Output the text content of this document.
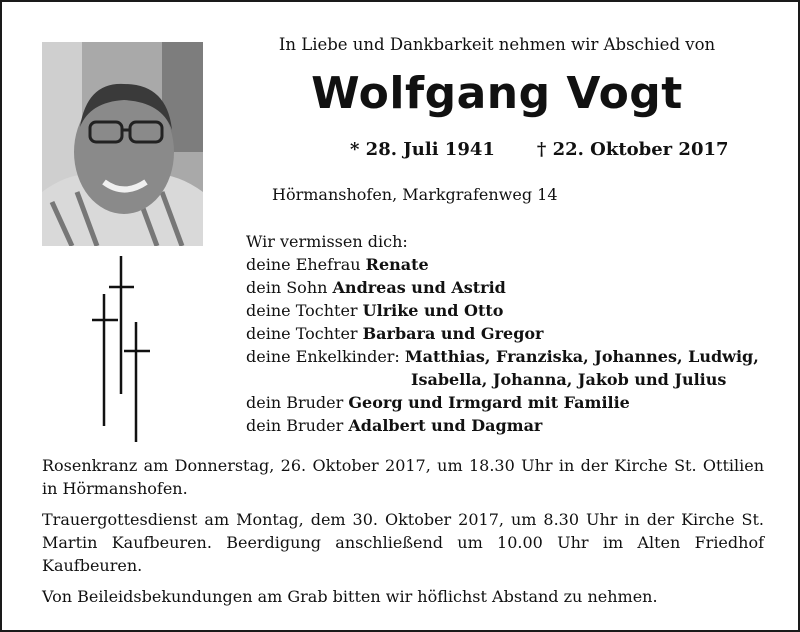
In Liebe und Dankbarkeit nehmen wir Abschied von
Wolfgang Vogt
* 28. Juli 1941 † 22. Oktober 2017
Hörmanshofen, Markgrafenweg 14
Wir vermissen dich:
deine Ehefrau Renate
dein Sohn Andreas und Astrid
deine Tochter Ulrike und Otto
deine Tochter Barbara und Gregor
deine Enkelkinder: Matthias, Franziska, Johannes, Ludwig,
Isabella, Johanna, Jakob und Julius
dein Bruder Georg und Irmgard mit Familie
dein Bruder Adalbert und Dagmar

Rosenkranz am Donnerstag, 26. Oktober 2017, um 18.30 Uhr in der Kirche St. Ottilien in Hörmanshofen.

Trauergottesdienst am Montag, dem 30. Oktober 2017, um 8.30 Uhr in der Kirche St. Martin Kaufbeuren. Beerdigung anschließend um 10.00 Uhr im Alten Friedhof Kaufbeuren.

Von Beileidsbekundungen am Grab bitten wir höflichst Abstand zu nehmen.
